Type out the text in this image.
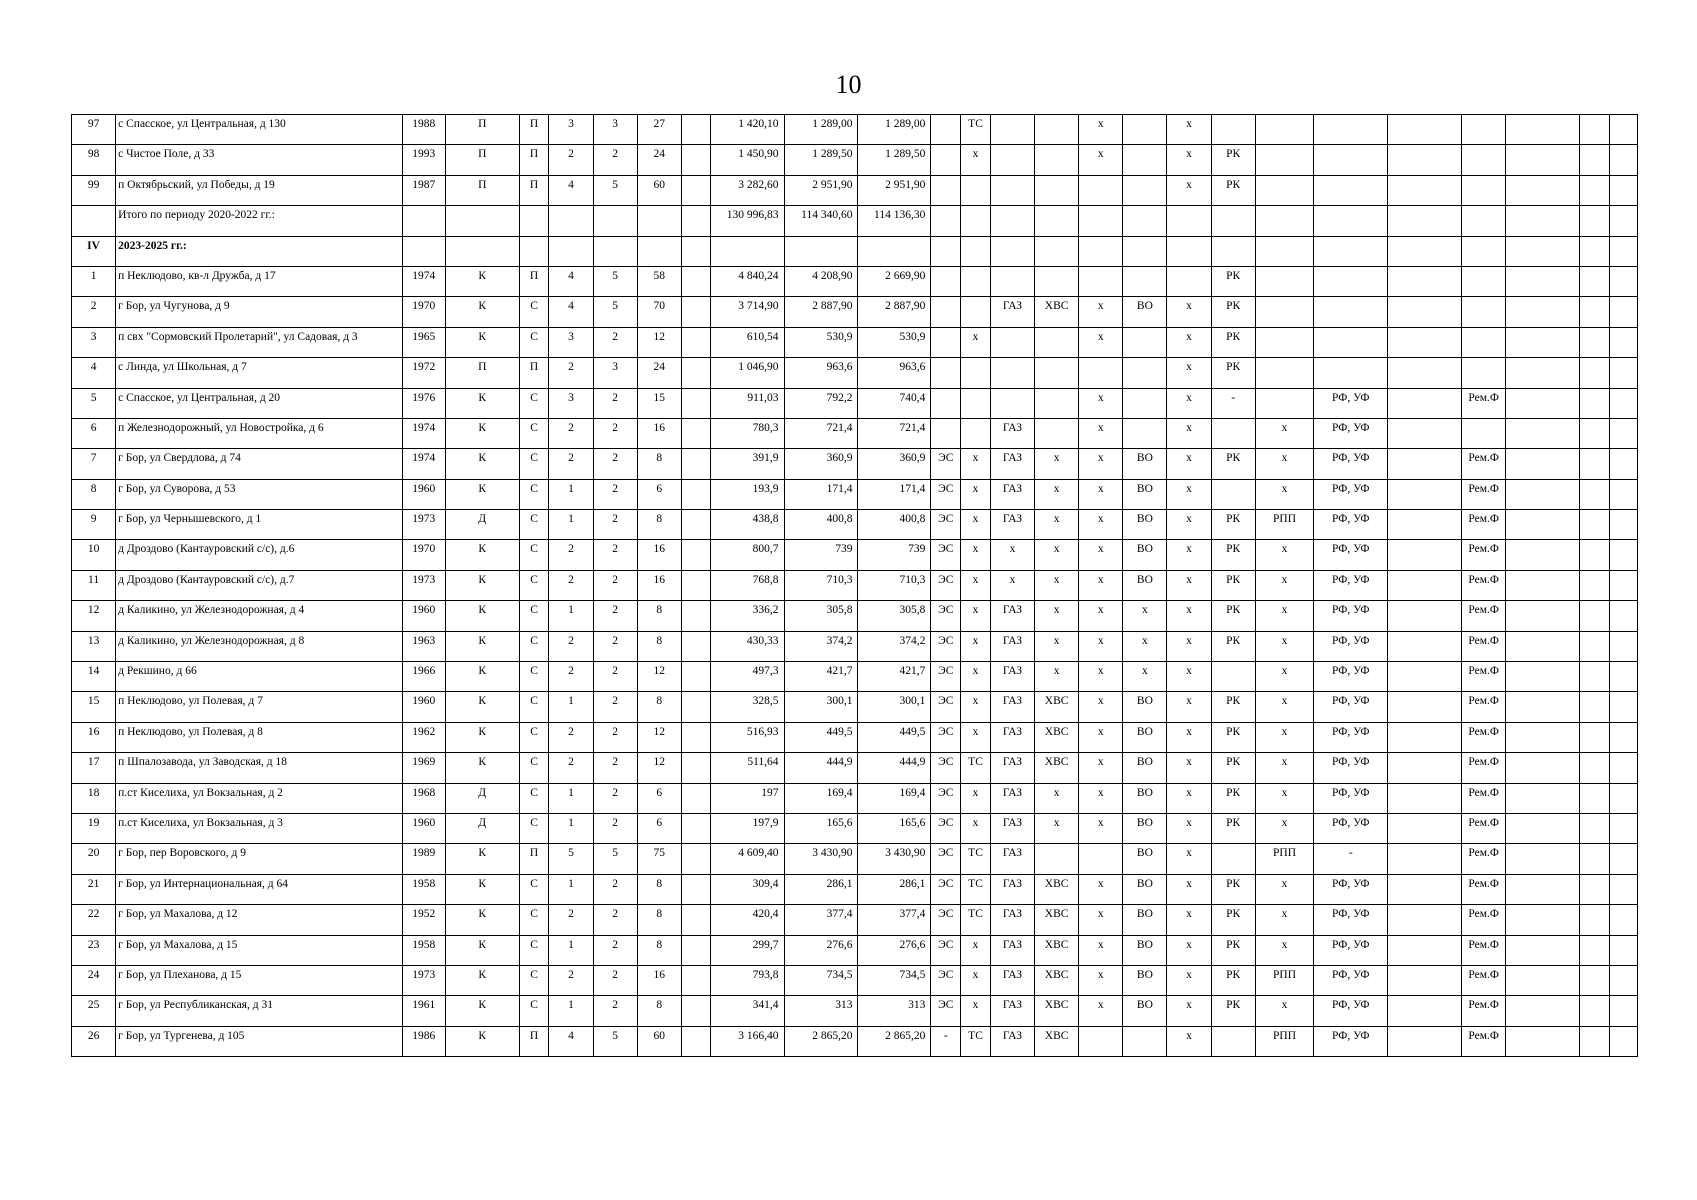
10
97	с Спасское, ул Центральная, д 130	1988	П	П	3	3	27		1 420,10	1 289,00	1 289,00		ТС			х		х								
98	с Чистое Поле, д 33	1993	П	П	2	2	24		1 450,90	1 289,50	1 289,50		х			х		х	РК							
99	п Октябрьский, ул Победы, д 19	1987	П	П	4	5	60		3 282,60	2 951,90	2 951,90							х	РК							
	Итого по периоду 2020-2022 гг.:								130 996,83	114 340,60	114 136,30															
IV	2023-2025 гг.:																									
1	п Неклюдово, кв-л Дружба, д 17	1974	К	П	4	5	58		4 840,24	4 208,90	2 669,90								РК							
2	г Бор, ул Чугунова, д 9	1970	К	С	4	5	70		3 714,90	2 887,90	2 887,90			ГАЗ	ХВС	х	ВО	х	РК							
3	п свх "Сормовский Пролетарий", ул Садовая, д 3	1965	К	С	3	2	12		610,54	530,9	530,9		х			х		х	РК							
4	с Линда, ул Школьная, д 7	1972	П	П	2	3	24		1 046,90	963,6	963,6							х	РК							
5	с Спасское, ул Центральная, д 20	1976	К	С	3	2	15		911,03	792,2	740,4					х		х	-		РФ, УФ		Рем.Ф			
6	п Железнодорожный, ул Новостройка, д 6	1974	К	С	2	2	16		780,3	721,4	721,4			ГАЗ		х		х		х	РФ, УФ					
7	г Бор, ул Свердлова, д 74	1974	К	С	2	2	8		391,9	360,9	360,9	ЭС	х	ГАЗ	х	х	ВО	х	РК	х	РФ, УФ		Рем.Ф			
8	г Бор, ул Суворова, д 53	1960	К	С	1	2	6		193,9	171,4	171,4	ЭС	х	ГАЗ	х	х	ВО	х		х	РФ, УФ		Рем.Ф			
9	г Бор, ул Чернышевского, д 1	1973	Д	С	1	2	8		438,8	400,8	400,8	ЭС	х	ГАЗ	х	х	ВО	х	РК	РПП	РФ, УФ		Рем.Ф			
10	д Дроздово (Кантауровский с/с), д.6	1970	К	С	2	2	16		800,7	739	739	ЭС	х	х	х	х	ВО	х	РК	х	РФ, УФ		Рем.Ф			
11	д Дроздово (Кантауровский с/с), д.7	1973	К	С	2	2	16		768,8	710,3	710,3	ЭС	х	х	х	х	ВО	х	РК	х	РФ, УФ		Рем.Ф			
12	д Каликино, ул Железнодорожная, д 4	1960	К	С	1	2	8		336,2	305,8	305,8	ЭС	х	ГАЗ	х	х	х	х	РК	х	РФ, УФ		Рем.Ф			
13	д Каликино, ул Железнодорожная, д 8	1963	К	С	2	2	8		430,33	374,2	374,2	ЭС	х	ГАЗ	х	х	х	х	РК	х	РФ, УФ		Рем.Ф			
14	д Рекшино, д 66	1966	К	С	2	2	12		497,3	421,7	421,7	ЭС	х	ГАЗ	х	х	х	х		х	РФ, УФ		Рем.Ф			
15	п Неклюдово, ул Полевая, д 7	1960	К	С	1	2	8		328,5	300,1	300,1	ЭС	х	ГАЗ	ХВС	х	ВО	х	РК	х	РФ, УФ		Рем.Ф			
16	п Неклюдово, ул Полевая, д 8	1962	К	С	2	2	12		516,93	449,5	449,5	ЭС	х	ГАЗ	ХВС	х	ВО	х	РК	х	РФ, УФ		Рем.Ф			
17	п Шпалозавода, ул Заводская, д 18	1969	К	С	2	2	12		511,64	444,9	444,9	ЭС	ТС	ГАЗ	ХВС	х	ВО	х	РК	х	РФ, УФ		Рем.Ф			
18	п.ст Киселиха, ул Вокзальная, д 2	1968	Д	С	1	2	6		197	169,4	169,4	ЭС	х	ГАЗ	х	х	ВО	х	РК	х	РФ, УФ		Рем.Ф			
19	п.ст Киселиха, ул Вокзальная, д 3	1960	Д	С	1	2	6		197,9	165,6	165,6	ЭС	х	ГАЗ	х	х	ВО	х	РК	х	РФ, УФ		Рем.Ф			
20	г Бор, пер Воровского, д 9	1989	К	П	5	5	75		4 609,40	3 430,90	3 430,90	ЭС	ТС	ГАЗ			ВО	х		РПП	-		Рем.Ф			
21	г Бор, ул Интернациональная, д 64	1958	К	С	1	2	8		309,4	286,1	286,1	ЭС	ТС	ГАЗ	ХВС	х	ВО	х	РК	х	РФ, УФ		Рем.Ф			
22	г Бор, ул Махалова, д 12	1952	К	С	2	2	8		420,4	377,4	377,4	ЭС	ТС	ГАЗ	ХВС	х	ВО	х	РК	х	РФ, УФ		Рем.Ф			
23	г Бор, ул Махалова, д 15	1958	К	С	1	2	8		299,7	276,6	276,6	ЭС	х	ГАЗ	ХВС	х	ВО	х	РК	х	РФ, УФ		Рем.Ф			
24	г Бор, ул Плеханова, д 15	1973	К	С	2	2	16		793,8	734,5	734,5	ЭС	х	ГАЗ	ХВС	х	ВО	х	РК	РПП	РФ, УФ		Рем.Ф			
25	г Бор, ул Республиканская, д 31	1961	К	С	1	2	8		341,4	313	313	ЭС	х	ГАЗ	ХВС	х	ВО	х	РК	х	РФ, УФ		Рем.Ф			
26	г Бор, ул Тургенева, д 105	1986	К	П	4	5	60		3 166,40	2 865,20	2 865,20	-	ТС	ГАЗ	ХВС			х		РПП	РФ, УФ		Рем.Ф			
